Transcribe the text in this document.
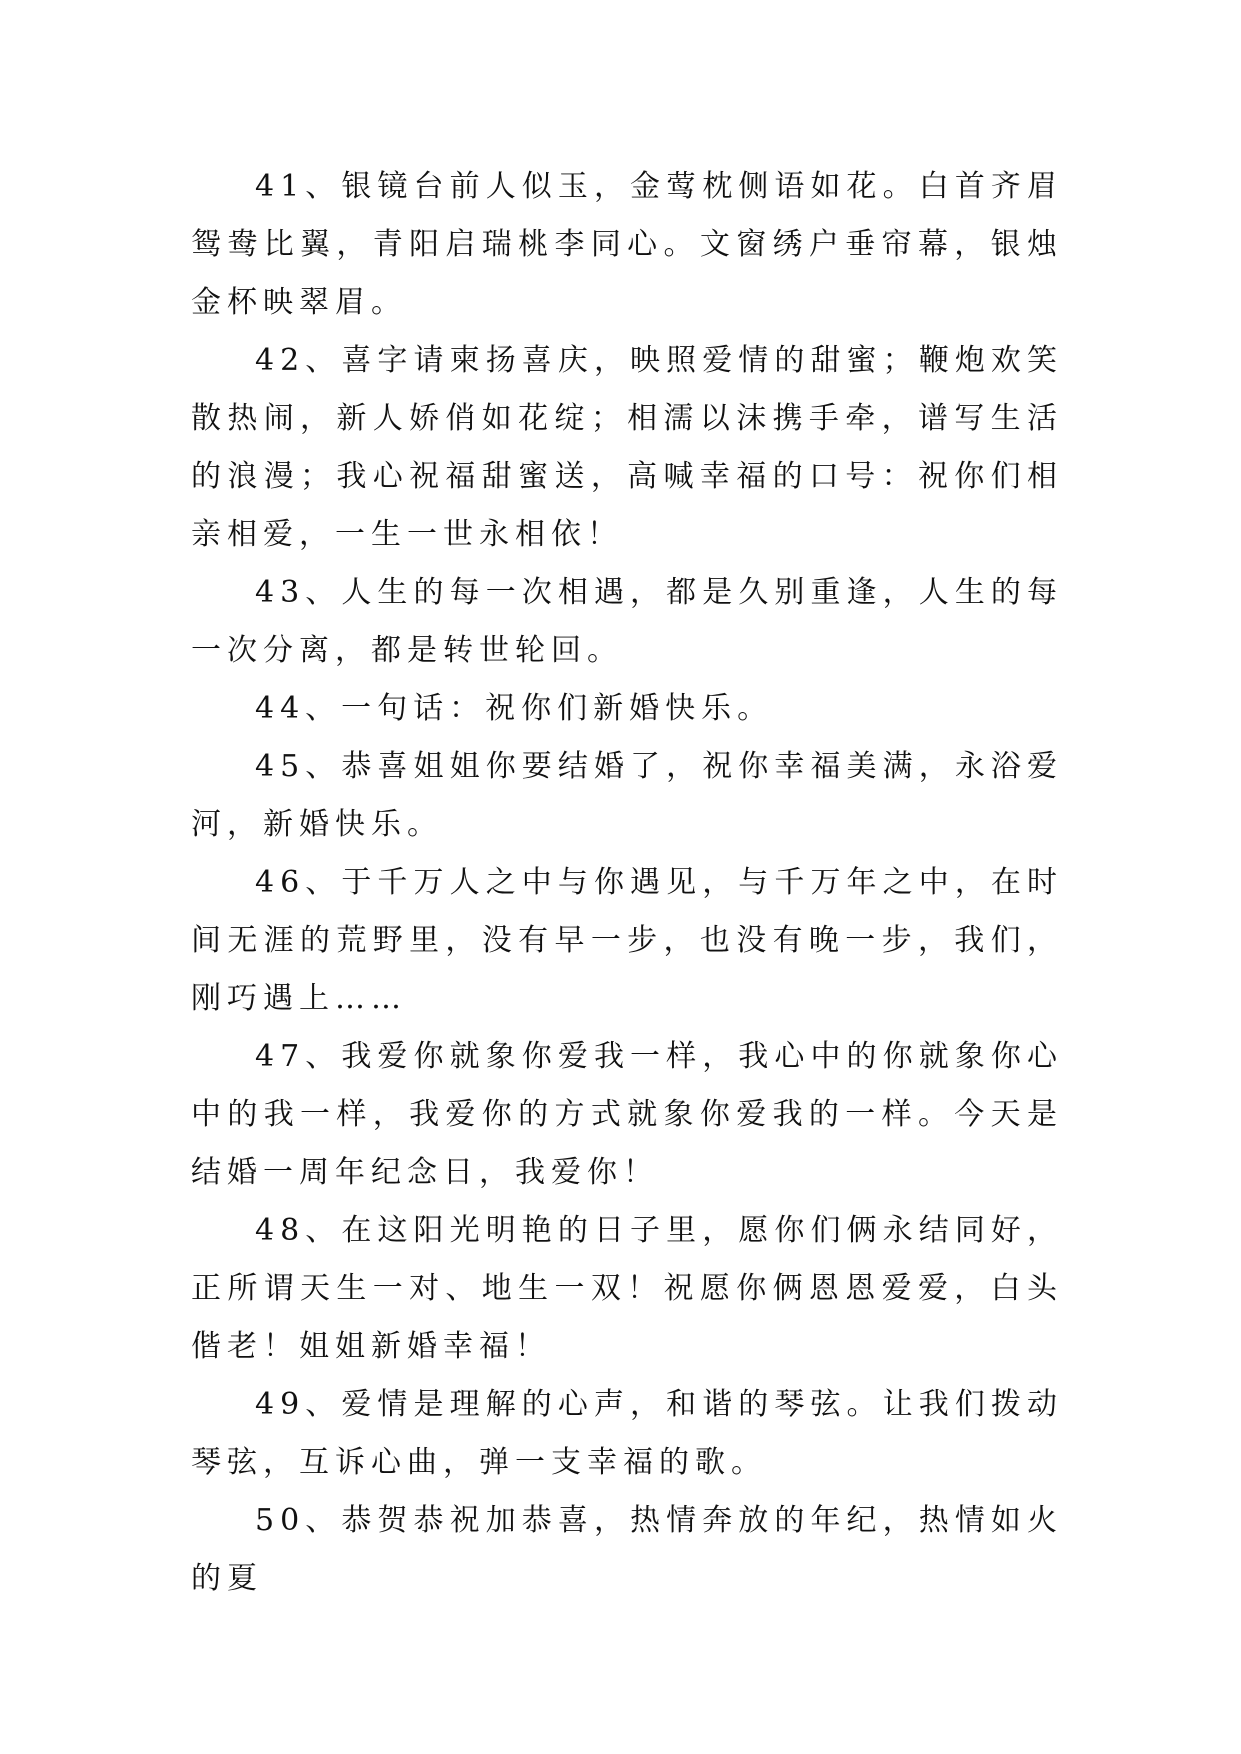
41、银镜台前人似玉，金莺枕侧语如花。白首齐眉鸳鸯比翼，青阳启瑞桃李同心。文窗绣户垂帘幕，银烛金杯映翠眉。

42、喜字请柬扬喜庆，映照爱情的甜蜜；鞭炮欢笑散热闹，新人娇俏如花绽；相濡以沫携手牵，谱写生活的浪漫；我心祝福甜蜜送，高喊幸福的口号：祝你们相亲相爱，一生一世永相依！

43、人生的每一次相遇，都是久别重逢，人生的每一次分离，都是转世轮回。

44、一句话：祝你们新婚快乐。

45、恭喜姐姐你要结婚了，祝你幸福美满，永浴爱河，新婚快乐。

46、于千万人之中与你遇见，与千万年之中，在时间无涯的荒野里，没有早一步，也没有晚一步，我们，刚巧遇上……

47、我爱你就象你爱我一样，我心中的你就象你心中的我一样，我爱你的方式就象你爱我的一样。今天是结婚一周年纪念日，我爱你！

48、在这阳光明艳的日子里，愿你们俩永结同好，正所谓天生一对、地生一双！祝愿你俩恩恩爱爱，白头偕老！姐姐新婚幸福！

49、爱情是理解的心声，和谐的琴弦。让我们拨动琴弦，互诉心曲，弹一支幸福的歌。

50、恭贺恭祝加恭喜，热情奔放的年纪，热情如火的夏
